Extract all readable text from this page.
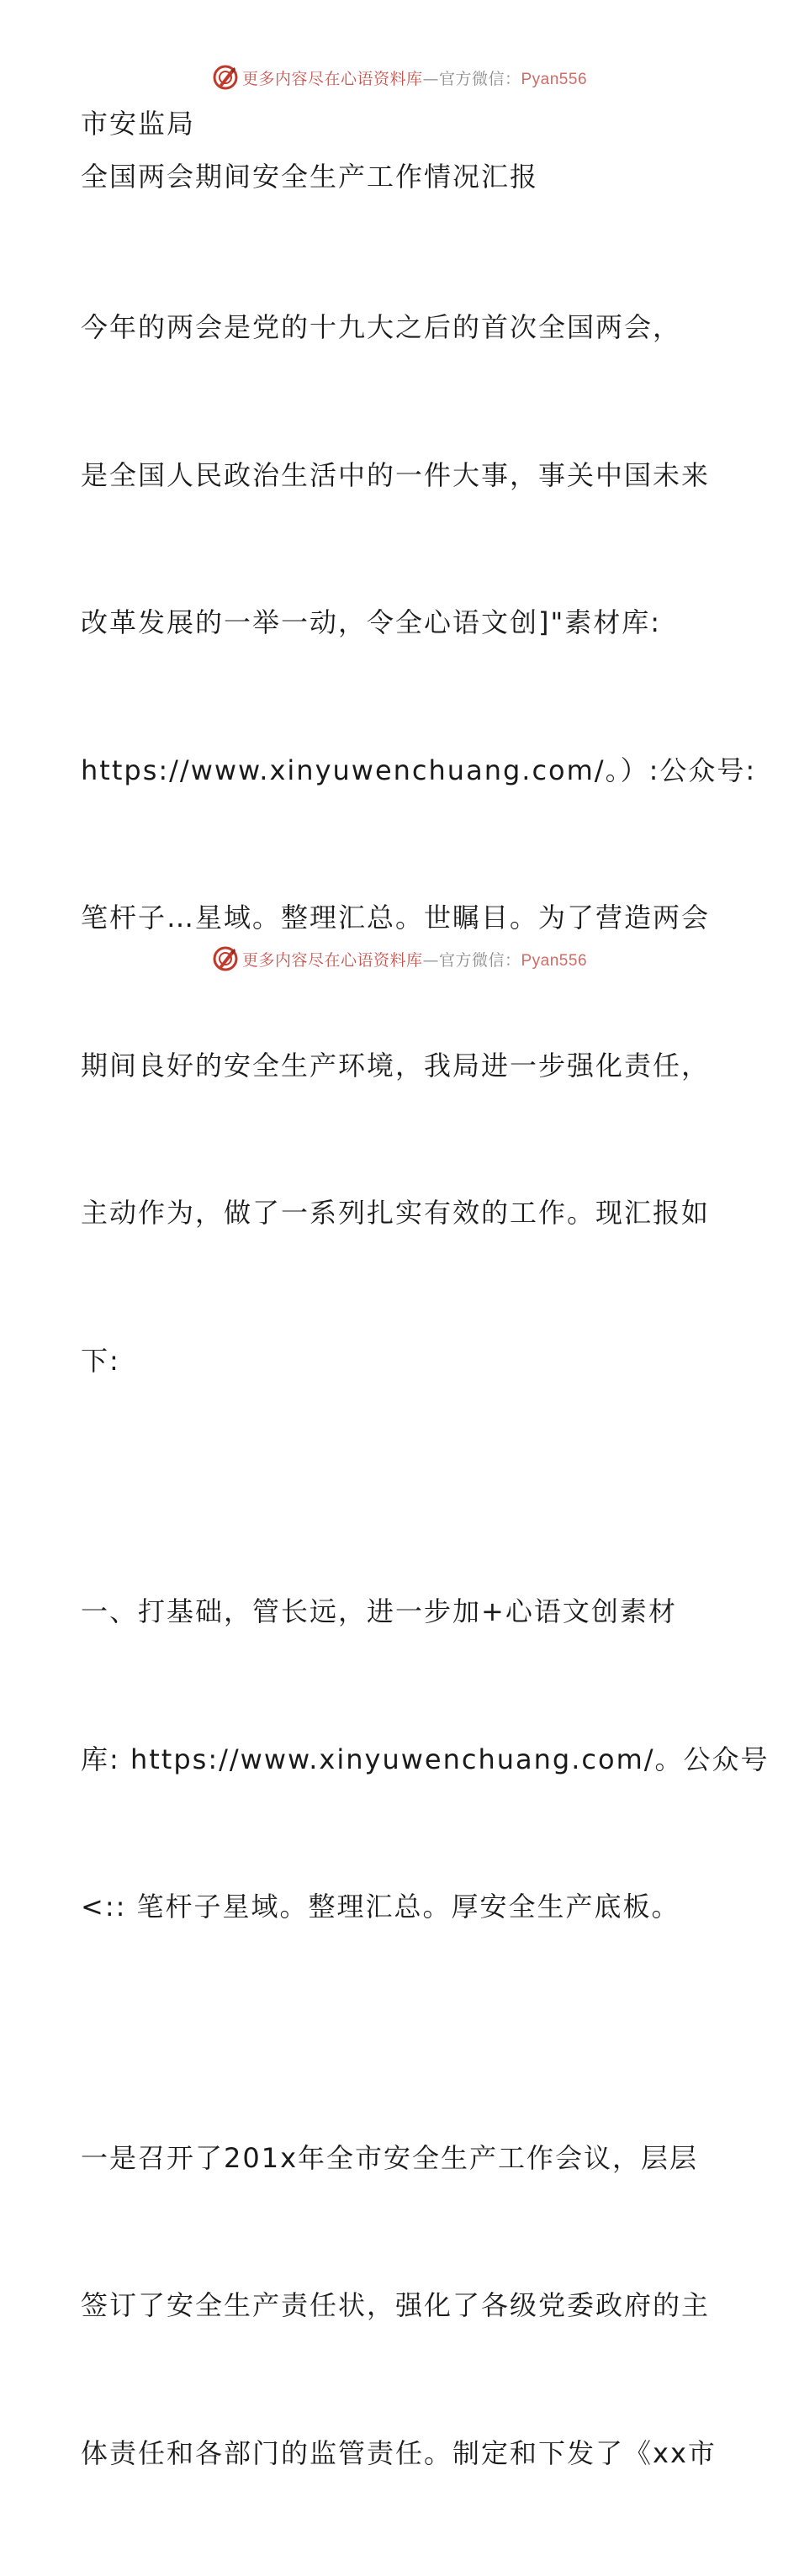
更多内容尽在心语资料库—官方微信：Pyan556

市安监局

全国两会期间安全生产工作情况汇报

今年的两会是党的十九大之后的首次全国两会，

是全国人民政治生活中的一件大事，事关中国未来

改革发展的一举一动，令全心语文创]"素材库:

https://www.xinyuwenchuang.com/。）:公众号:

笔杆子…星域。整理汇总。世瞩目。为了营造两会

期间良好的安全生产环境，我局进一步强化责任，

主动作为，做了一系列扎实有效的工作。现汇报如

下:

一、打基础，管长远，进一步加+心语文创素材

库: https://www.xinyuwenchuang.com/。公众号

<:: 笔杆子星域。整理汇总。厚安全生产底板。

一是召开了201x年全市安全生产工作会议，层层

签订了安全生产责任状，强化了各级党委政府的主

体责任和各部门的监管责任。制定和下发了《xx市

更多内容尽在心语资料库—官方微信：Pyan556
